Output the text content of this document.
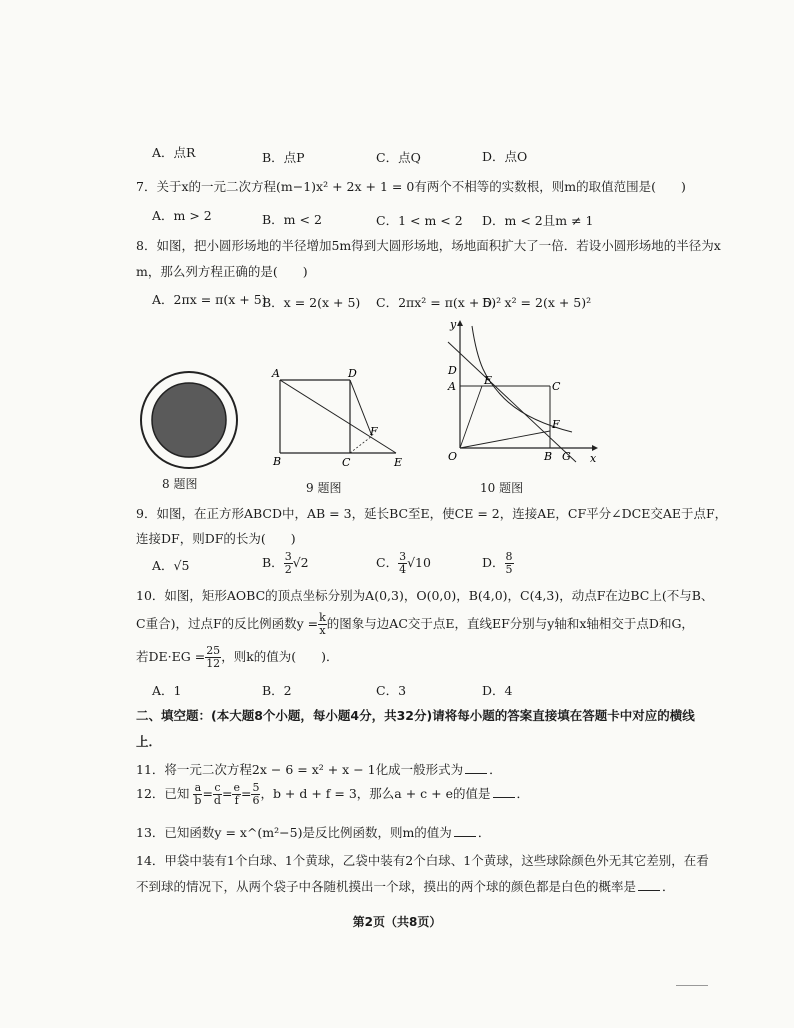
A．点R	B．点P	C．点Q	D．点O
7．关于x的一元二次方程(m−1)x² + 2x + 1 = 0有两个不相等的实数根，则m的取值范围是(　　)
A．m > 2	B．m < 2	C．1 < m < 2 D．m < 2且m ≠ 1
8．如图，把小圆形场地的半径增加5m得到大圆形场地，场地面积扩大了一倍．若设小圆形场地的半径为x
m，那么列方程正确的是(　　)
A．2πx = π(x + 5)
B．x = 2(x + 5) C．2πx² = π(x + 5)²
D．x² = 2(x + 5)²
8 题图
A	D
B	C	E
F
9 题图
y
x
O
D
A	E	C
F
B G
10 题图
9．如图，在正方形ABCD中，AB = 3，延长BC至E，使CE = 2，连接AE，CF平分∠DCE交AE于点F，
连接DF，则DF的长为(　　)
A．√5	B． $\frac{3}{2} √2$	C． $\frac{3}{4} √10$	D． $\frac{8}{5}$
10．如图，矩形AOBC的顶点坐标分别为A(0,3)，O(0,0)，B(4,0)，C(4,3)，动点F在边BC上(不与B、
C重合)，过点F的反比例函数$y = \frac{k}{x}$ 的图象与边AC交于点E，直线EF分别与y轴和x轴相交于点D和G，
若$DE\cdot EG = \frac{25}{12}$ ，则k的值为(　　)．
A．1	B．2	C．3	D．4
二、填空题：(本大题8个小题，每小题4分，共32分)请将每小题的答案直接填在答题卡中对应的横线
上．
11．将一元二次方程2x − 6 = x² + x − 1化成一般形式为 ．
12．已知 $\frac{a}{b} = \frac{c}{d} = \frac{e}{f} = \frac{5}{6}$ ，b + d + f = 3，那么a + c + e的值是 ．
13．已知函数y = x^(m²−5)是反比例函数，则m的值为 ．
14．甲袋中装有1个白球、1个黄球，乙袋中装有2个白球、1个黄球，这些球除颜色外无其它差别，在看
不到球的情况下，从两个袋子中各随机摸出一个球，摸出的两个球的颜色都是白色的概率是 ．
第2页（共8页）
